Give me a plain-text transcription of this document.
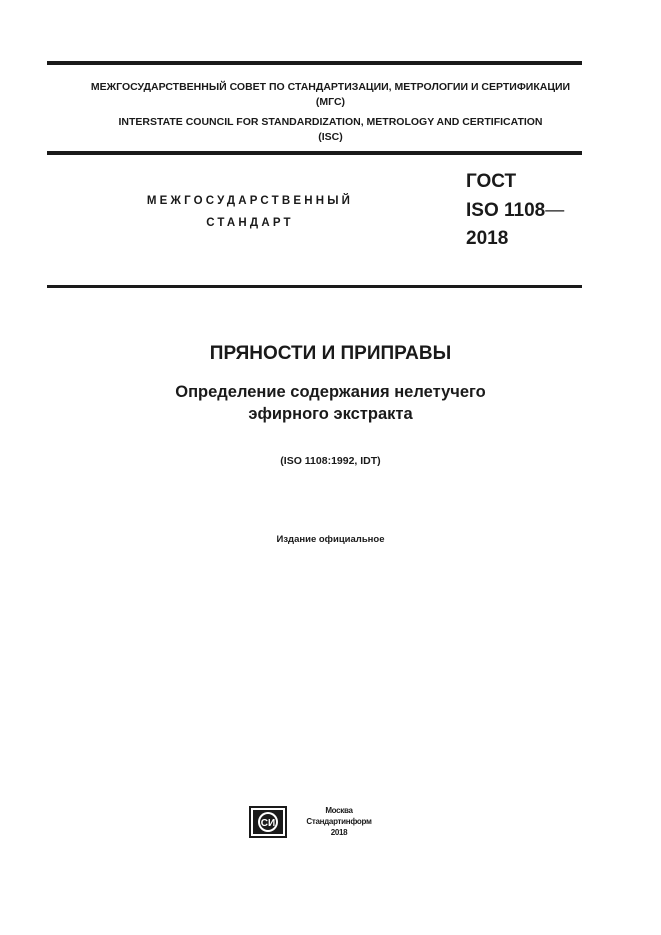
МЕЖГОСУДАРСТВЕННЫЙ СОВЕТ ПО СТАНДАРТИЗАЦИИ, МЕТРОЛОГИИ И СЕРТИФИКАЦИИ
(МГС)
INTERSTATE COUNCIL FOR STANDARDIZATION, METROLOGY AND CERTIFICATION
(ISC)
МЕЖГОСУДАРСТВЕННЫЙ
СТАНДАРТ
ГОСТ
ISO 1108—
2018
ПРЯНОСТИ И ПРИПРАВЫ
Определение содержания нелетучего
эфирного экстракта
(ISO 1108:1992, IDT)
Издание официальное
СИ
Москва
Стандартинформ
2018
